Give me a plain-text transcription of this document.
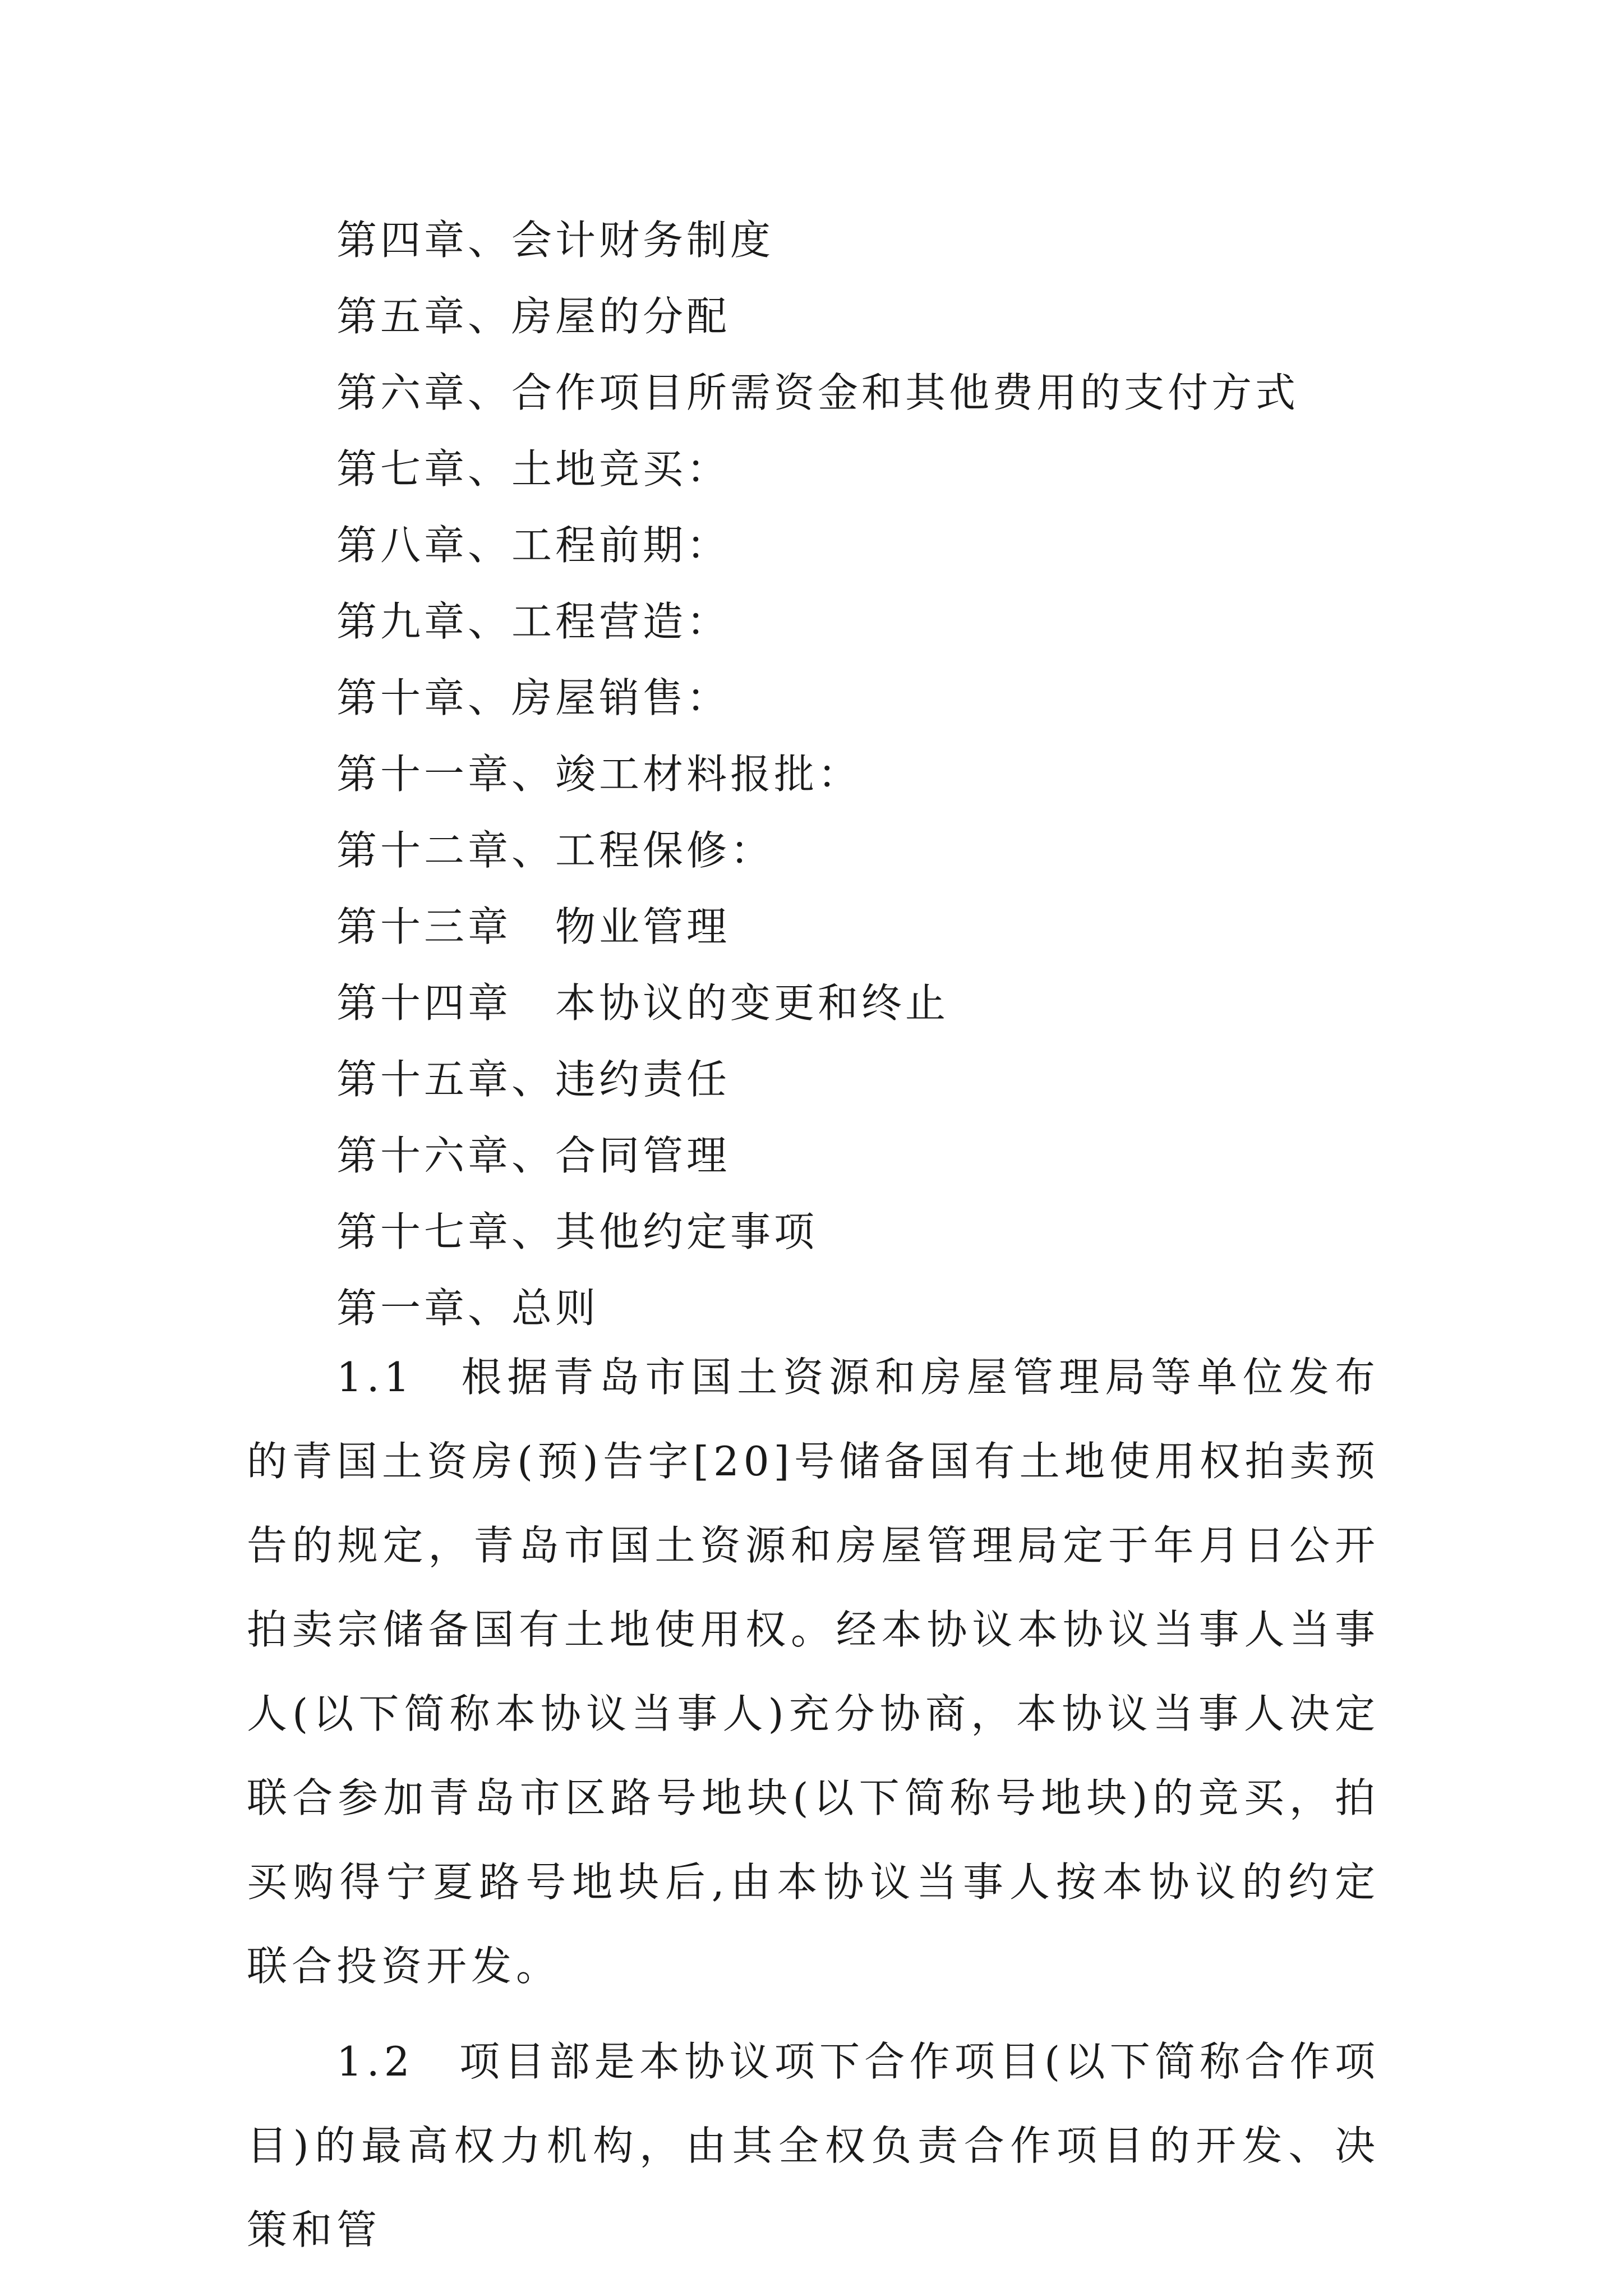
第四章、会计财务制度
第五章、房屋的分配
第六章、合作项目所需资金和其他费用的支付方式
第七章、土地竞买：
第八章、工程前期：
第九章、工程营造：
第十章、房屋销售：
第十一章、竣工材料报批：
第十二章、工程保修：
第十三章　物业管理
第十四章　本协议的变更和终止
第十五章、违约责任
第十六章、合同管理
第十七章、其他约定事项
第一章、总则

1.1　根据青岛市国土资源和房屋管理局等单位发布的青国土资房(预)告字[20]号储备国有土地使用权拍卖预告的规定，青岛市国土资源和房屋管理局定于年月日公开拍卖宗储备国有土地使用权。经本协议本协议当事人当事人(以下简称本协议当事人)充分协商，本协议当事人决定联合参加青岛市区路号地块(以下简称号地块)的竞买，拍买购得宁夏路号地块后,由本协议当事人按本协议的约定联合投资开发。

1.2　项目部是本协议项下合作项目(以下简称合作项目)的最高权力机构，由其全权负责合作项目的开发、决策和管
